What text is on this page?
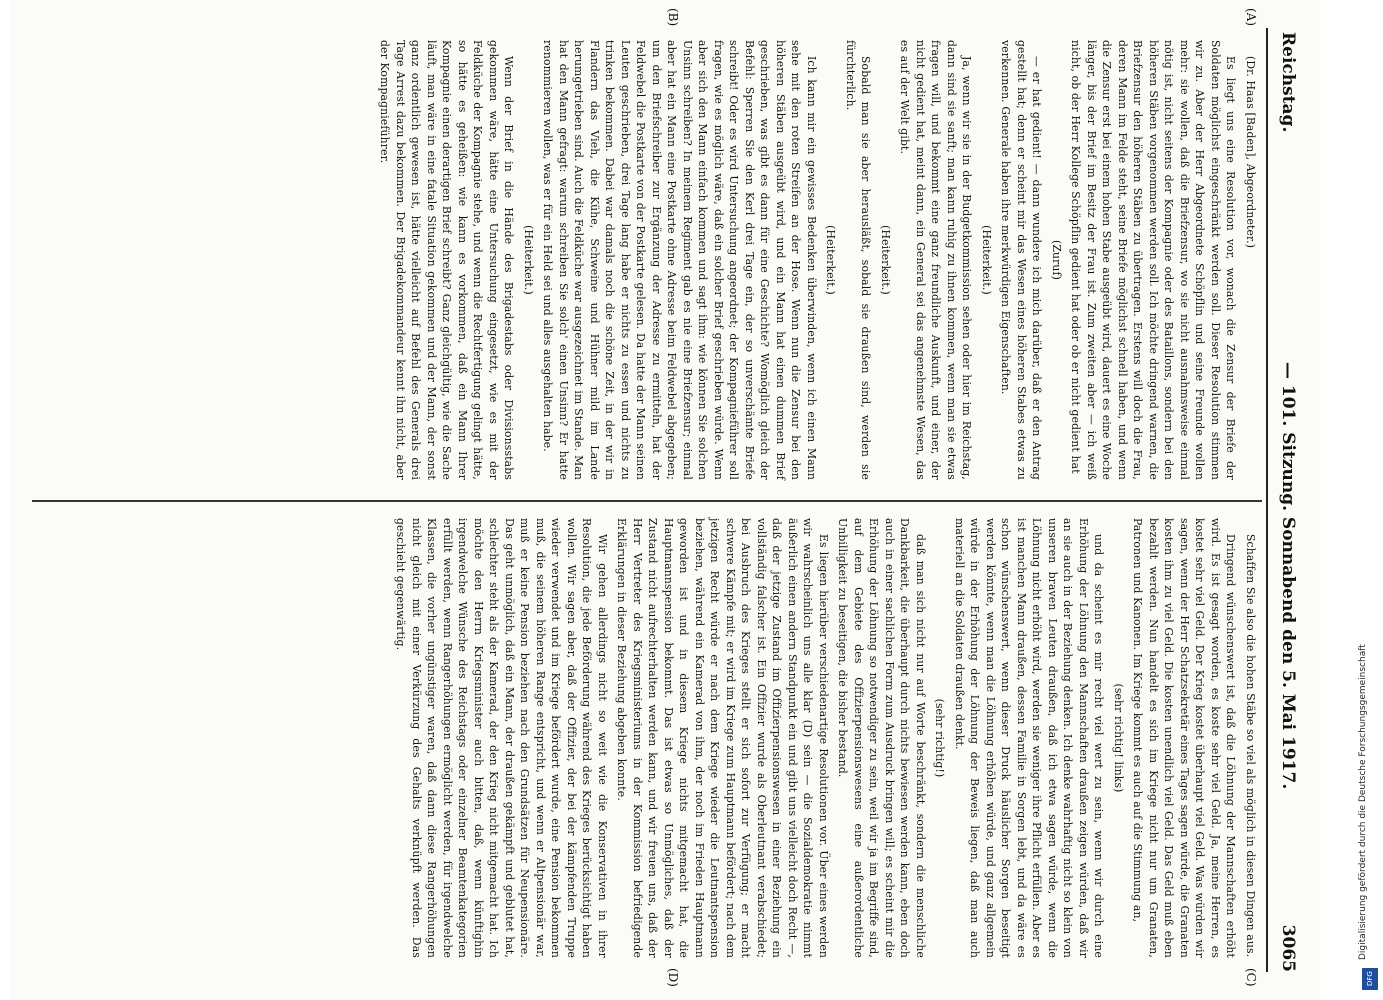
Reichstag.
— 101. Sitzung. Sonnabend den 5. Mai 1917.
3065
(A)
(B)
(C)
(D)

(Dr. Haas [Baden], Abgeordneter.)

Es liegt uns eine Resolution vor, wonach die Zensur der Briefe der Soldaten möglichst eingeschränkt werden soll. Dieser Resolution stimmen wir zu. Aber der Herr Abgeordnete Schöpflin und seine Freunde wollen mehr: sie wollen, daß die Briefzensur, wo sie nicht ausnahmsweise einmal nötig ist, nicht seitens der Kompagnie oder des Bataillons, sondern bei den höheren Stäben vorgenommen werden soll. Ich möchte dringend warnen, die Briefzensur den höheren Stäben zu übertragen. Erstens will doch die Frau, deren Mann im Felde steht, seine Briefe möglichst schnell haben, und wenn die Zensur erst bei einem hohen Stabe ausgeübt wird, dauert es eine Woche länger, bis der Brief im Besitz der Frau ist. Zum zweiten aber — ich weiß nicht, ob der Herr Kollege Schöpflin gedient hat oder ob er nicht gedient hat

(Zuruf)

— er hat gedient! — dann wundere ich mich darüber, daß er den Antrag gestellt hat; denn er scheint mir das Wesen eines höheren Stabes etwas zu verkennen. Generale haben ihre merkwürdigen Eigenschaften.

(Heiterkeit.)

Ja, wenn wir sie in der Budgetkommission sehen oder hier im Reichstag, dann sind sie sanft; man kann ruhig zu ihnen kommen, wenn man sie etwas fragen will, und bekommt eine ganz freundliche Auskunft, und einer, der nicht gedient hat, meint dann, ein General sei das angenehmste Wesen, das es auf der Welt gibt.

(Heiterkeit.)

Sobald man sie aber herausläßt, sobald sie draußen sind, werden sie fürchterlich.

(Heiterkeit.)

Ich kann mir ein gewisses Bedenken überwinden, wenn ich einen Mann sehe mit den roten Streifen an der Hose. Wenn nun die Zensur bei den höheren Stäben ausgeübt wird, und ein Mann hat einen dummen Brief geschrieben, was gibt es dann für eine Geschichte? Womöglich gleich der Befehl: Sperren Sie den Kerl drei Tage ein, der so unverschämte Briefe schreibt! Oder es wird Untersuchung angeordnet; der Kompagnieführer soll fragen, wie es möglich wäre, daß ein solcher Brief geschrieben würde. Wenn aber sich den Mann einfach kommen und sagt ihm: wie können Sie solchen Unsinn schreiben? In meinem Regiment gab es nie eine Briefzensur; einmal aber hat ein Mann eine Postkarte ohne Adresse beim Feldwebel abgegeben; um den Briefschreiber zur Ergänzung der Adresse zu ermitteln, hat der Feldwebel die Postkarte von der Postkarte gelesen. Da hatte der Mann seinen Leuten geschrieben, drei Tage lang habe er nichts zu essen und nichts zu trinken bekommen. Dabei war damals noch die schöne Zeit, in der wir in Flandern das Vieh, die Kühe, Schweine und Hühner mild im Lande herumgetrieben sind. Auch die Feldküche war ausgezeichnet im Stande. Man hat den Mann gefragt: warum schreiben Sie solch' einen Unsinn? Er hatte renommieren wollen, was er für ein Held sei und alles ausgehalten habe.

(Heiterkeit.)

Wenn der Brief in die Hände des Brigadestabs oder Divisionsstabs gekommen wäre, hätte eine Untersuchung eingesetzt, wie es mit der Feldküche der Kompagnie stehe, und wenn die Rechtfertigung gelingt hätte, so hätte es geheißen: wie kann es vorkommen, daß ein Mann Ihrer Kompagnie einen derartigen Brief schreibt? Ganz gleichgültig, wie die Sache läuft, man wäre in eine fatale Situation gekommen und der Mann, der sonst ganz ordentlich gewesen ist, hätte vielleicht auf Befehl des Generals drei Tage Arrest dazu bekommen. Der Brigadekommandeur kennt ihn nicht, aber der Kompagnieführer.

Schaffen Sie also die hohen Stäbe so viel als möglich in diesen Dingen aus.

Dringend wünschenswert ist, daß die Löhnung der Mannschaften erhöht wird. Es ist gesagt worden, es koste sehr viel Geld. Ja, meine Herren, es kostet sehr viel Geld. Der Krieg kostet überhaupt viel Geld. Was würden wir sagen, wenn der Herr Schatzsekretär eines Tages sagen würde, die Granaten kosten ihm zu viel Geld. Die kosten unendlich viel Geld. Das Geld muß eben bezahlt werden. Nun handelt es sich im Kriege nicht nur um Granaten, Patronen und Kanonen. Im Kriege kommt es auch auf die Stimmung an,

(sehr richtig! links)

und da scheint es mir recht viel wert zu sein, wenn wir durch eine Erhöhung der Löhnung den Mannschaften draußen zeigen würden, daß wir an sie auch in der Beziehung denken. Ich denke wahrhaftig nicht so klein von unseren braven Leuten draußen, daß ich etwa sagen würde, wenn die Löhnung nicht erhöht wird, werden sie weniger ihre Pflicht erfüllen. Aber es ist manchen Mann draußen, dessen Familie in Sorgen lebt, und da wäre es schon wünschenswert, wenn dieser Druck häuslicher Sorgen beseitigt werden könnte, wenn man die Löhnung erhöhen würde, und ganz allgemein würde in der Erhöhung der Löhnung der Beweis liegen, daß man auch materiell an die Soldaten draußen denkt.

(sehr richtig!)

daß man sich nicht nur auf Worte beschränkt, sondern die menschliche Dankbarkeit, die überhaupt durch nichts bewiesen werden kann, eben doch auch in einer sachlichen Form zum Ausdruck bringen will; es scheint mir die Erhöhung der Löhnung so notwendiger zu sein, weil wir ja im Begriffe sind, auf dem Gebiete des Offizierpensionswesens eine außerordentliche Unbilligkeit zu beseitigen, die bisher bestand.

Es liegen hierüber verschiedenartige Resolutionen vor. Über eines werden wir wahrscheinlich uns alle klar (D) sein — die Sozialdemokratie nimmt äußerlich einen andern Standpunkt ein und gibt uns vielleicht doch Recht —, daß der jetzige Zustand im Offizierpensionswesen in einer Beziehung ein vollständig falscher ist. Ein Offizier wurde als Oberleutnant verabschiedet; bei Ausbruch des Krieges stellt er sich sofort zur Verfügung; er macht schwere Kämpfe mit; er wird im Kriege zum Hauptmann befördert; nach dem jetzigen Recht würde er nach dem Kriege wieder die Leutnantspension beziehen, während ein Kamerad von ihm, der noch im Frieden Hauptmann geworden ist und in diesem Kriege nichts mitgemacht hat, die Hauptmannspension bekommt. Das ist etwas so Unmögliches, daß der Zustand nicht aufrechterhalten werden kann, und wir freuen uns, daß der Herr Vertreter des Kriegsministeriums in der Kommission befriedigende Erklärungen in dieser Beziehung abgeben konnte.

Wir gehen allerdings nicht so weit wie die Konservativen in ihrer Resolution, die jede Beförderung während des Krieges berücksichtigt haben wollen. Wir sagen aber, daß der Offizier, der bei der kämpfenden Truppe wieder verwendet und im Kriege befördert wurde, eine Pension bekommen muß, die seinem höheren Range entspricht, und wenn er Altpensionär war, muß er keine Pension beziehen nach den Grundsätzen für Neupensionäre. Das geht unmöglich, daß ein Mann, der draußen gekämpft und geblutet hat, schlechter steht als der Kamerad, der den Krieg nicht mitgemacht hat. Ich möchte den Herrn Kriegsminister auch bitten, daß, wenn künftighin irgendwelche Wünsche des Reichstags oder einzelner Beamtenkategorien erfüllt werden, wenn Rangerhöhungen ermöglicht werden, für irgendwelche Klassen, die vorher ungünstiger waren, daß dann diese Rangerhöhungen nicht gleich mit einer Verkürzung des Gehalts verknüpft werden. Das geschieht gegenwärtig.

Digitalisierung gefördert durch die Deutsche Forschungsgemeinschaft
DFG
